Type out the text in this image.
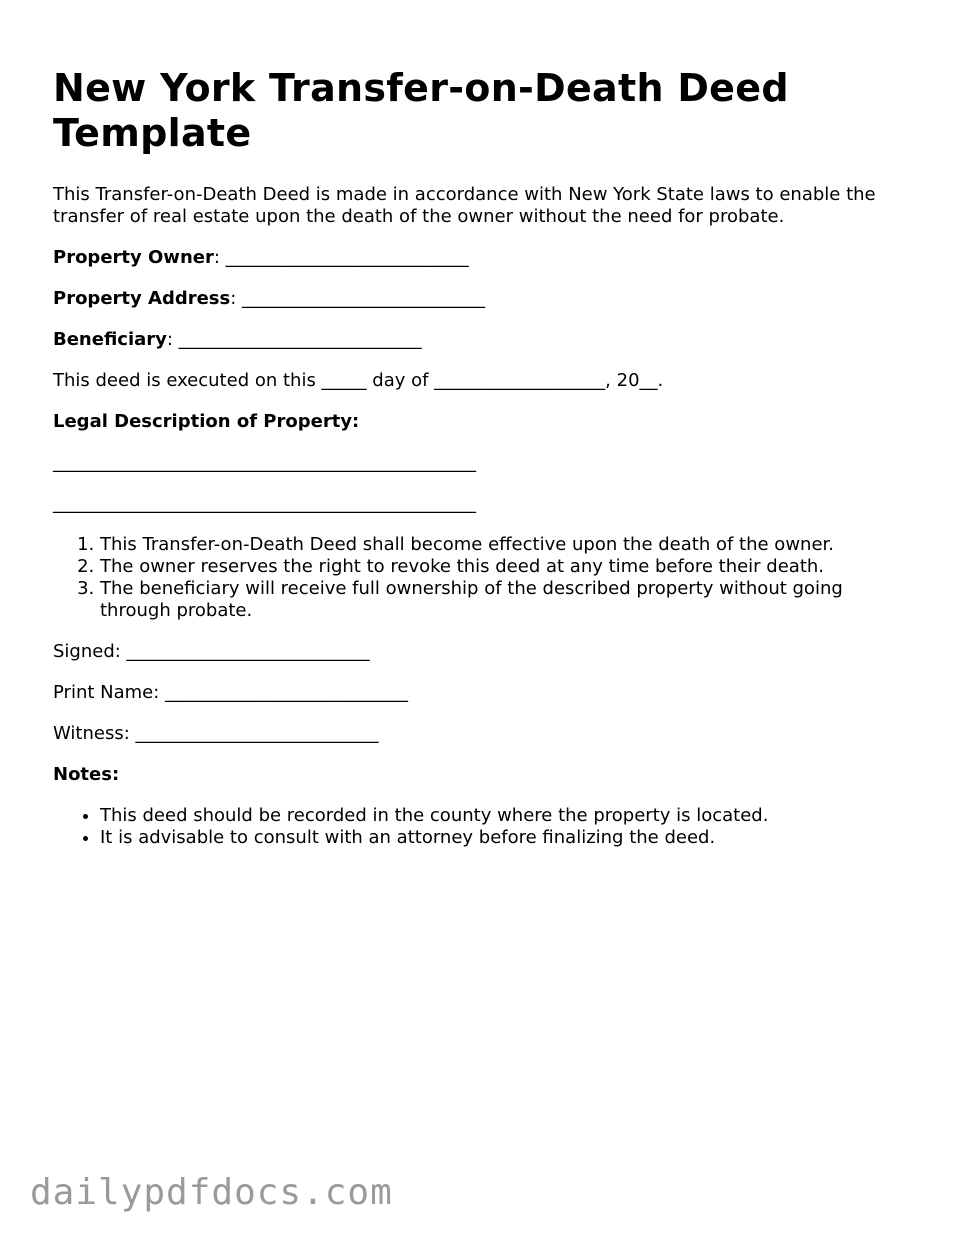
New York Transfer-on-Death Deed Template

This Transfer-on-Death Deed is made in accordance with New York State laws to enable the transfer of real estate upon the death of the owner without the need for probate.

Property Owner: ___________________________

Property Address: ___________________________

Beneficiary: ___________________________

This deed is executed on this _____ day of ___________________, 20__.

Legal Description of Property:

_______________________________________________

_______________________________________________

1. This Transfer-on-Death Deed shall become effective upon the death of the owner.
2. The owner reserves the right to revoke this deed at any time before their death.
3. The beneficiary will receive full ownership of the described property without going through probate.

Signed: ___________________________

Print Name: ___________________________

Witness: ___________________________

Notes:

• This deed should be recorded in the county where the property is located.
• It is advisable to consult with an attorney before finalizing the deed.
dailypdfdocs.com
